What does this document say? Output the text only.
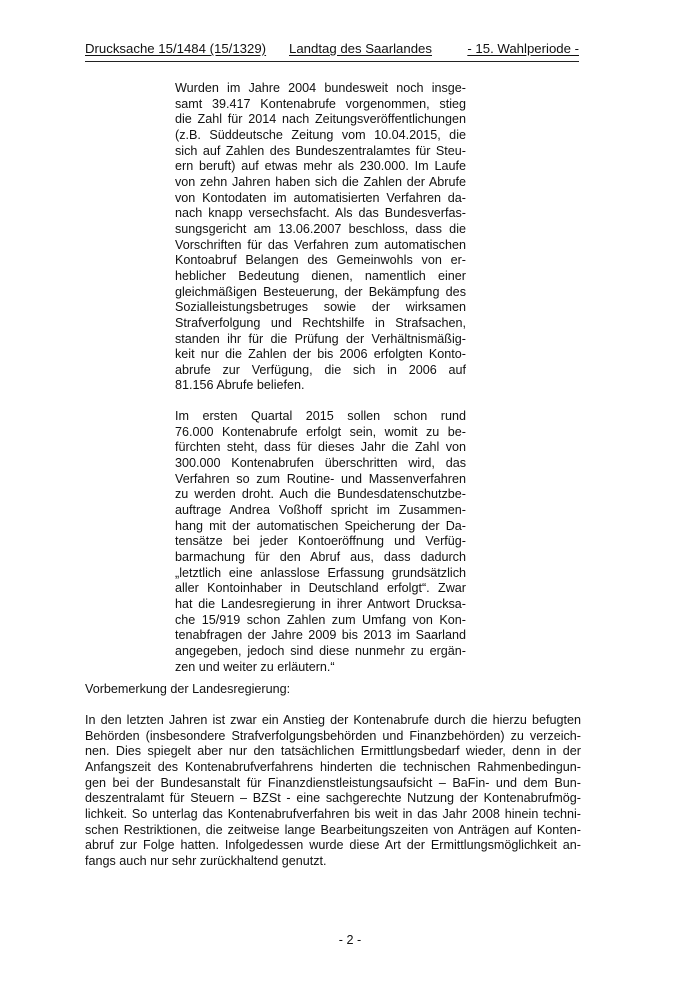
Drucksache 15/1484 (15/1329) Landtag des Saarlandes	- 15. Wahlperiode -

Wurden im Jahre 2004 bundesweit noch insge-
samt 39.417 Kontenabrufe vorgenommen, stieg
die Zahl für 2014 nach Zeitungsveröffentlichungen
(z.B. Süddeutsche Zeitung vom 10.04.2015, die
sich auf Zahlen des Bundeszentralamtes für Steu-
ern beruft) auf etwas mehr als 230.000. Im Laufe
von zehn Jahren haben sich die Zahlen der Abrufe
von Kontodaten im automatisierten Verfahren da-
nach knapp versechsfacht. Als das Bundesverfas-
sungsgericht am 13.06.2007 beschloss, dass die
Vorschriften für das Verfahren zum automatischen
Kontoabruf Belangen des Gemeinwohls von er-
heblicher Bedeutung dienen, namentlich einer
gleichmäßigen Besteuerung, der Bekämpfung des
Sozialleistungsbetruges sowie der wirksamen
Strafverfolgung und Rechtshilfe in Strafsachen,
standen ihr für die Prüfung der Verhältnismäßig-
keit nur die Zahlen der bis 2006 erfolgten Konto-
abrufe zur Verfügung, die sich in 2006 auf
81.156 Abrufe beliefen.

Im ersten Quartal 2015 sollen schon rund
76.000 Kontenabrufe erfolgt sein, womit zu be-
fürchten steht, dass für dieses Jahr die Zahl von
300.000 Kontenabrufen überschritten wird, das
Verfahren so zum Routine- und Massenverfahren
zu werden droht. Auch die Bundesdatenschutzbe-
auftrage Andrea Voßhoff spricht im Zusammen-
hang mit der automatischen Speicherung der Da-
tensätze bei jeder Kontoeröffnung und Verfüg-
barmachung für den Abruf aus, dass dadurch
„letztlich eine anlasslose Erfassung grundsätzlich
aller Kontoinhaber in Deutschland erfolgt“. Zwar
hat die Landesregierung in ihrer Antwort Drucksa-
che 15/919 schon Zahlen zum Umfang von Kon-
tenabfragen der Jahre 2009 bis 2013 im Saarland
angegeben, jedoch sind diese nunmehr zu ergän-
zen und weiter zu erläutern.“

Vorbemerkung der Landesregierung:
In den letzten Jahren ist zwar ein Anstieg der Kontenabrufe durch die hierzu befugten
Behörden (insbesondere Strafverfolgungsbehörden und Finanzbehörden) zu verzeich-
nen. Dies spiegelt aber nur den tatsächlichen Ermittlungsbedarf wieder, denn in der
Anfangszeit des Kontenabrufverfahrens hinderten die technischen Rahmenbedingun-
gen bei der Bundesanstalt für Finanzdienstleistungsaufsicht – BaFin- und dem Bun-
deszentralamt für Steuern – BZSt - eine sachgerechte Nutzung der Kontenabrufmög-
lichkeit. So unterlag das Kontenabrufverfahren bis weit in das Jahr 2008 hinein techni-
schen Restriktionen, die zeitweise lange Bearbeitungszeiten von Anträgen auf Konten-
abruf zur Folge hatten. Infolgedessen wurde diese Art der Ermittlungsmöglichkeit an-
fangs auch nur sehr zurückhaltend genutzt.
- 2 -
